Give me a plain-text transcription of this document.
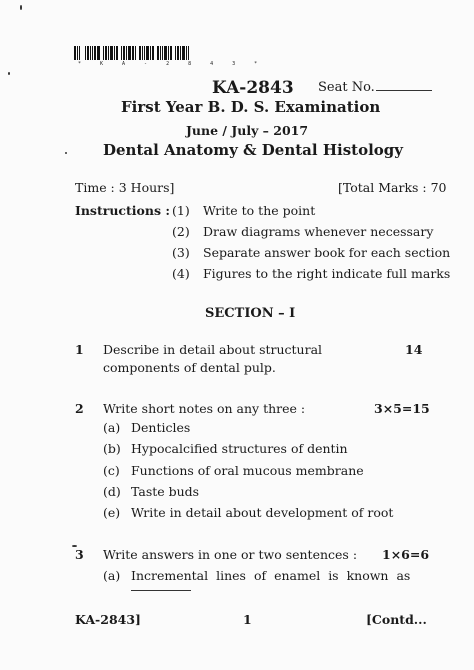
* K A - 2 8 4 3 *
KA-2843 Seat No.
First Year B. D. S. Examination
June / July – 2017
Dental Anatomy & Dental Histology
Time : 3 Hours]	[Total Marks : 70
Instructions : (1) Write to the point
(2) Draw diagrams whenever necessary
(3) Separate answer book for each section
(4) Figures to the right indicate full marks
SECTION – I
1 Describe in detail about structural components of dental pulp.
14
2 Write short notes on any three :	3×5=15
(a) Denticles
(b) Hypocalcified structures of dentin
(c) Functions of oral mucous membrane
(d) Taste buds
(e) Write in detail about development of root
3 Write answers in one or two sentences : 1×6=6
(a) Incremental lines of enamel is known as
KA-2843]	1	[Contd...
